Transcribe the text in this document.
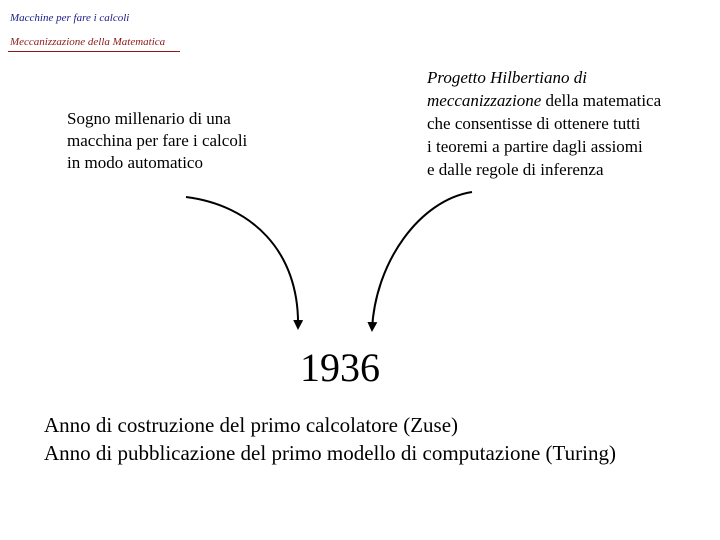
Macchine per fare i calcoli
Meccanizzazione della Matematica
Sogno millenario di una
macchina per fare i calcoli
in modo automatico
Progetto Hilbertiano di
meccanizzazione della matematica
che consentisse di ottenere tutti
i teoremi a partire dagli assiomi
e dalle regole di inferenza
1936
Anno di costruzione del primo calcolatore (Zuse)
Anno di pubblicazione del primo modello di computazione (Turing)
